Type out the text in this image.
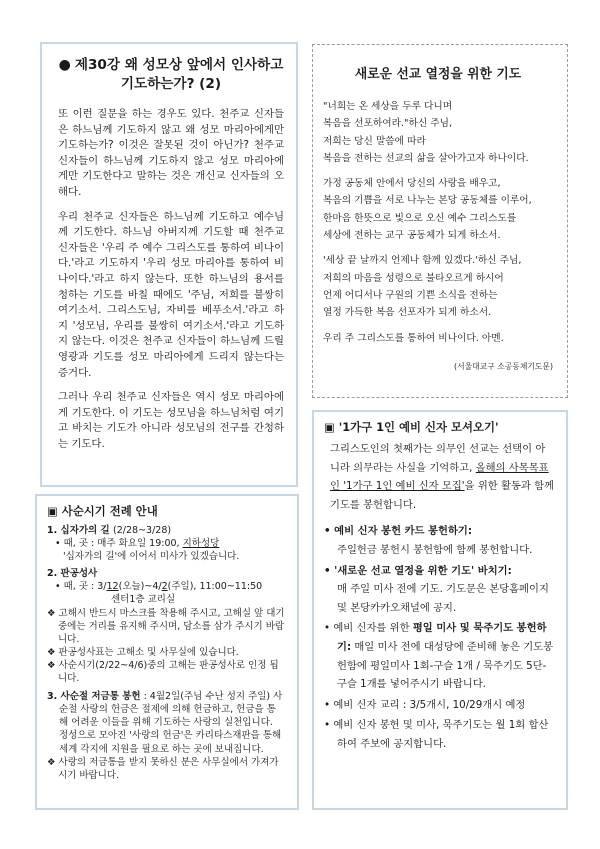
● 제30강 왜 성모상 앞에서 인사하고 기도하는가? (2)

또 이런 질문을 하는 경우도 있다. 천주교 신자들은 하느님께 기도하지 않고 왜 성모 마리아에게만 기도하는가? 이것은 잘못된 것이 아닌가? 천주교 신자들이 하느님께 기도하지 않고 성모 마리아에게만 기도한다고 말하는 것은 개신교 신자들의 오해다.

우리 천주교 신자들은 하느님께 기도하고 예수님께 기도한다. 하느님 아버지께 기도할 때 천주교 신자들은 '우리 주 예수 그리스도를 통하여 비나이다.'라고 기도하지 '우리 성모 마리아를 통하여 비나이다.'라고 하지 않는다. 또한 하느님의 용서를 청하는 기도를 바칠 때에도 '주님, 저희를 불쌍히 여기소서. 그리스도님, 자비를 베푸소서.'라고 하지 '성모님, 우리를 불쌍히 여기소서.'라고 기도하지 않는다. 이것은 천주교 신자들이 하느님께 드릴 영광과 기도를 성모 마리아에게 드리지 않는다는 증거다.

그러나 우리 천주교 신자들은 역시 성모 마리아에게 기도한다. 이 기도는 성모님을 하느님처럼 여기고 바치는 기도가 아니라 성모님의 전구를 간청하는 기도다.

새로운 선교 열정을 위한 기도

"너희는 온 세상을 두루 다니며

복음을 선포하여라."하신 주님,

저희는 당신 말씀에 따라

복음을 전하는 선교의 삶을 살아가고자 하나이다.

가정 공동체 안에서 당신의 사랑을 배우고,

복음의 기쁨을 서로 나누는 본당 공동체를 이루어,

한마음 한뜻으로 빛으로 오신 예수 그리스도를

세상에 전하는 교구 공동체가 되게 하소서.

'세상 끝 날까지 언제나 함께 있겠다.'하신 주님,

저희의 마음을 성령으로 불타오르게 하시어

언제 어디서나 구원의 기쁜 소식을 전하는

열정 가득한 복음 선포자가 되게 하소서.

우리 주 그리스도를 통하여 비나이다. 아멘.

(서울대교구 소공동체기도문)
▣ 사순시기 전례 안내

1. 십자가의 길 (2/28~3/28)

• 때, 곳 : 매주 화요일 19:00, 지하성당

'십자가의 길'에 이어서 미사가 있겠습니다.

2. 판공성사

• 때, 곳 : 3/12(오늘)~4/2(주일), 11:00~11:50

센터1층 교리실

❖ 고해시 반드시 마스크를 착용해 주시고, 고해실 앞 대기 중에는 거리를 유지해 주시며, 담소를 삼가 주시기 바랍니다.

❖ 판공성사표는 고해소 및 사무실에 있습니다.

❖ 사순시기(2/22~4/6)중의 고해는 판공성사로 인정 됩니다.

3. 사순절 저금통 봉헌 : 4월2일(주님 수난 성지 주일) 사순절 사랑의 헌금은 절제에 의해 헌금하고, 헌금을 통해 어려운 이들을 위해 기도하는 사랑의 실천입니다. 정성으로 모아진 '사랑의 헌금'은 카리타스재판을 통해 세계 각지에 지원을 필요로 하는 곳에 보내집니다.

❖ 사랑의 저금통을 받지 못하신 분은 사무실에서 가져가시기 바랍니다.

▣ '1가구 1인 예비 신자 모셔오기'

그리스도인의 첫째가는 의무인 선교는 선택이 아니라 의무라는 사실을 기억하고, 올해의 사목목표인 '1가구 1인 예비 신자 모집'을 위한 활동과 함께 기도를 봉헌합니다.

• 예비 신자 봉헌 카드 봉헌하기:

주일헌금 봉헌시 봉헌함에 함께 봉헌합니다.

• '새로운 선교 열정을 위한 기도' 바치기:

매 주일 미사 전에 기도. 기도문은 본당홈페이지 및 본당카카오채널에 공지.

• 예비 신자를 위한 평일 미사 및 묵주기도 봉헌하기: 매일 미사 전에 대성당에 준비해 놓은 기도봉헌함에 평일미사 1회-구슬 1개 / 묵주기도 5단-구슬 1개를 넣어주시기 바랍니다.

• 예비 신자 교리 : 3/5개시, 10/29개시 예정

• 예비 신자 봉헌 및 미사, 묵주기도는 월 1회 합산하여 주보에 공지합니다.
